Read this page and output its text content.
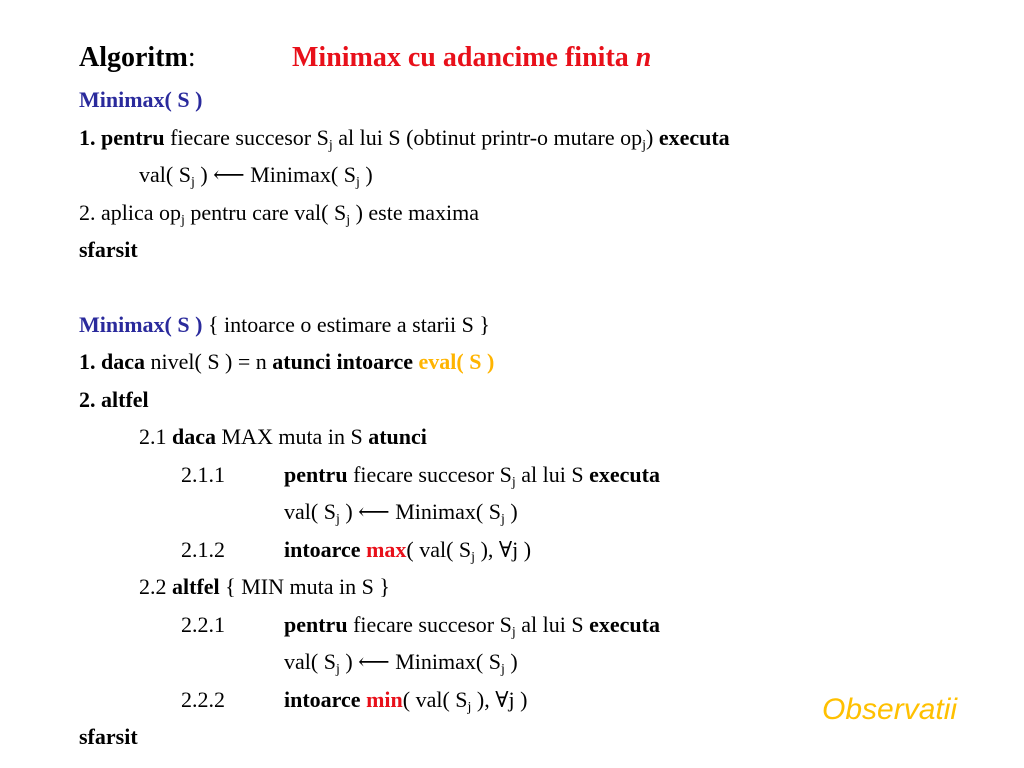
Algoritm:	Minimax cu adancime finita n
Minimax( S )
1. pentru fiecare succesor $S_j$ al lui S (obtinut printr-o mutare $op_j$) executa
val( $S_j$ ) ⟵ Minimax( $S_j$ )
2. aplica $op_j$ pentru care val( $S_j$ ) este maxima
sfarsit
Minimax( S ) { intoarce o estimare a starii S }
1. daca nivel( S ) = n atunci intoarce eval( S )
2. altfel
2.1 daca MAX muta in S atunci
2.1.1	pentru fiecare succesor $S_j$ al lui S executa
val( $S_j$ ) ⟵ Minimax( $S_j$ )
2.1.2	intoarce max( val( $S_j$ ), ∀j )
2.2 altfel { MIN muta in S }
2.2.1	pentru fiecare succesor $S_j$ al lui S executa
val( $S_j$ ) ⟵ Minimax( $S_j$ )
2.2.2	intoarce min( val( $S_j$ ), ∀j )
sfarsit
Observatii
